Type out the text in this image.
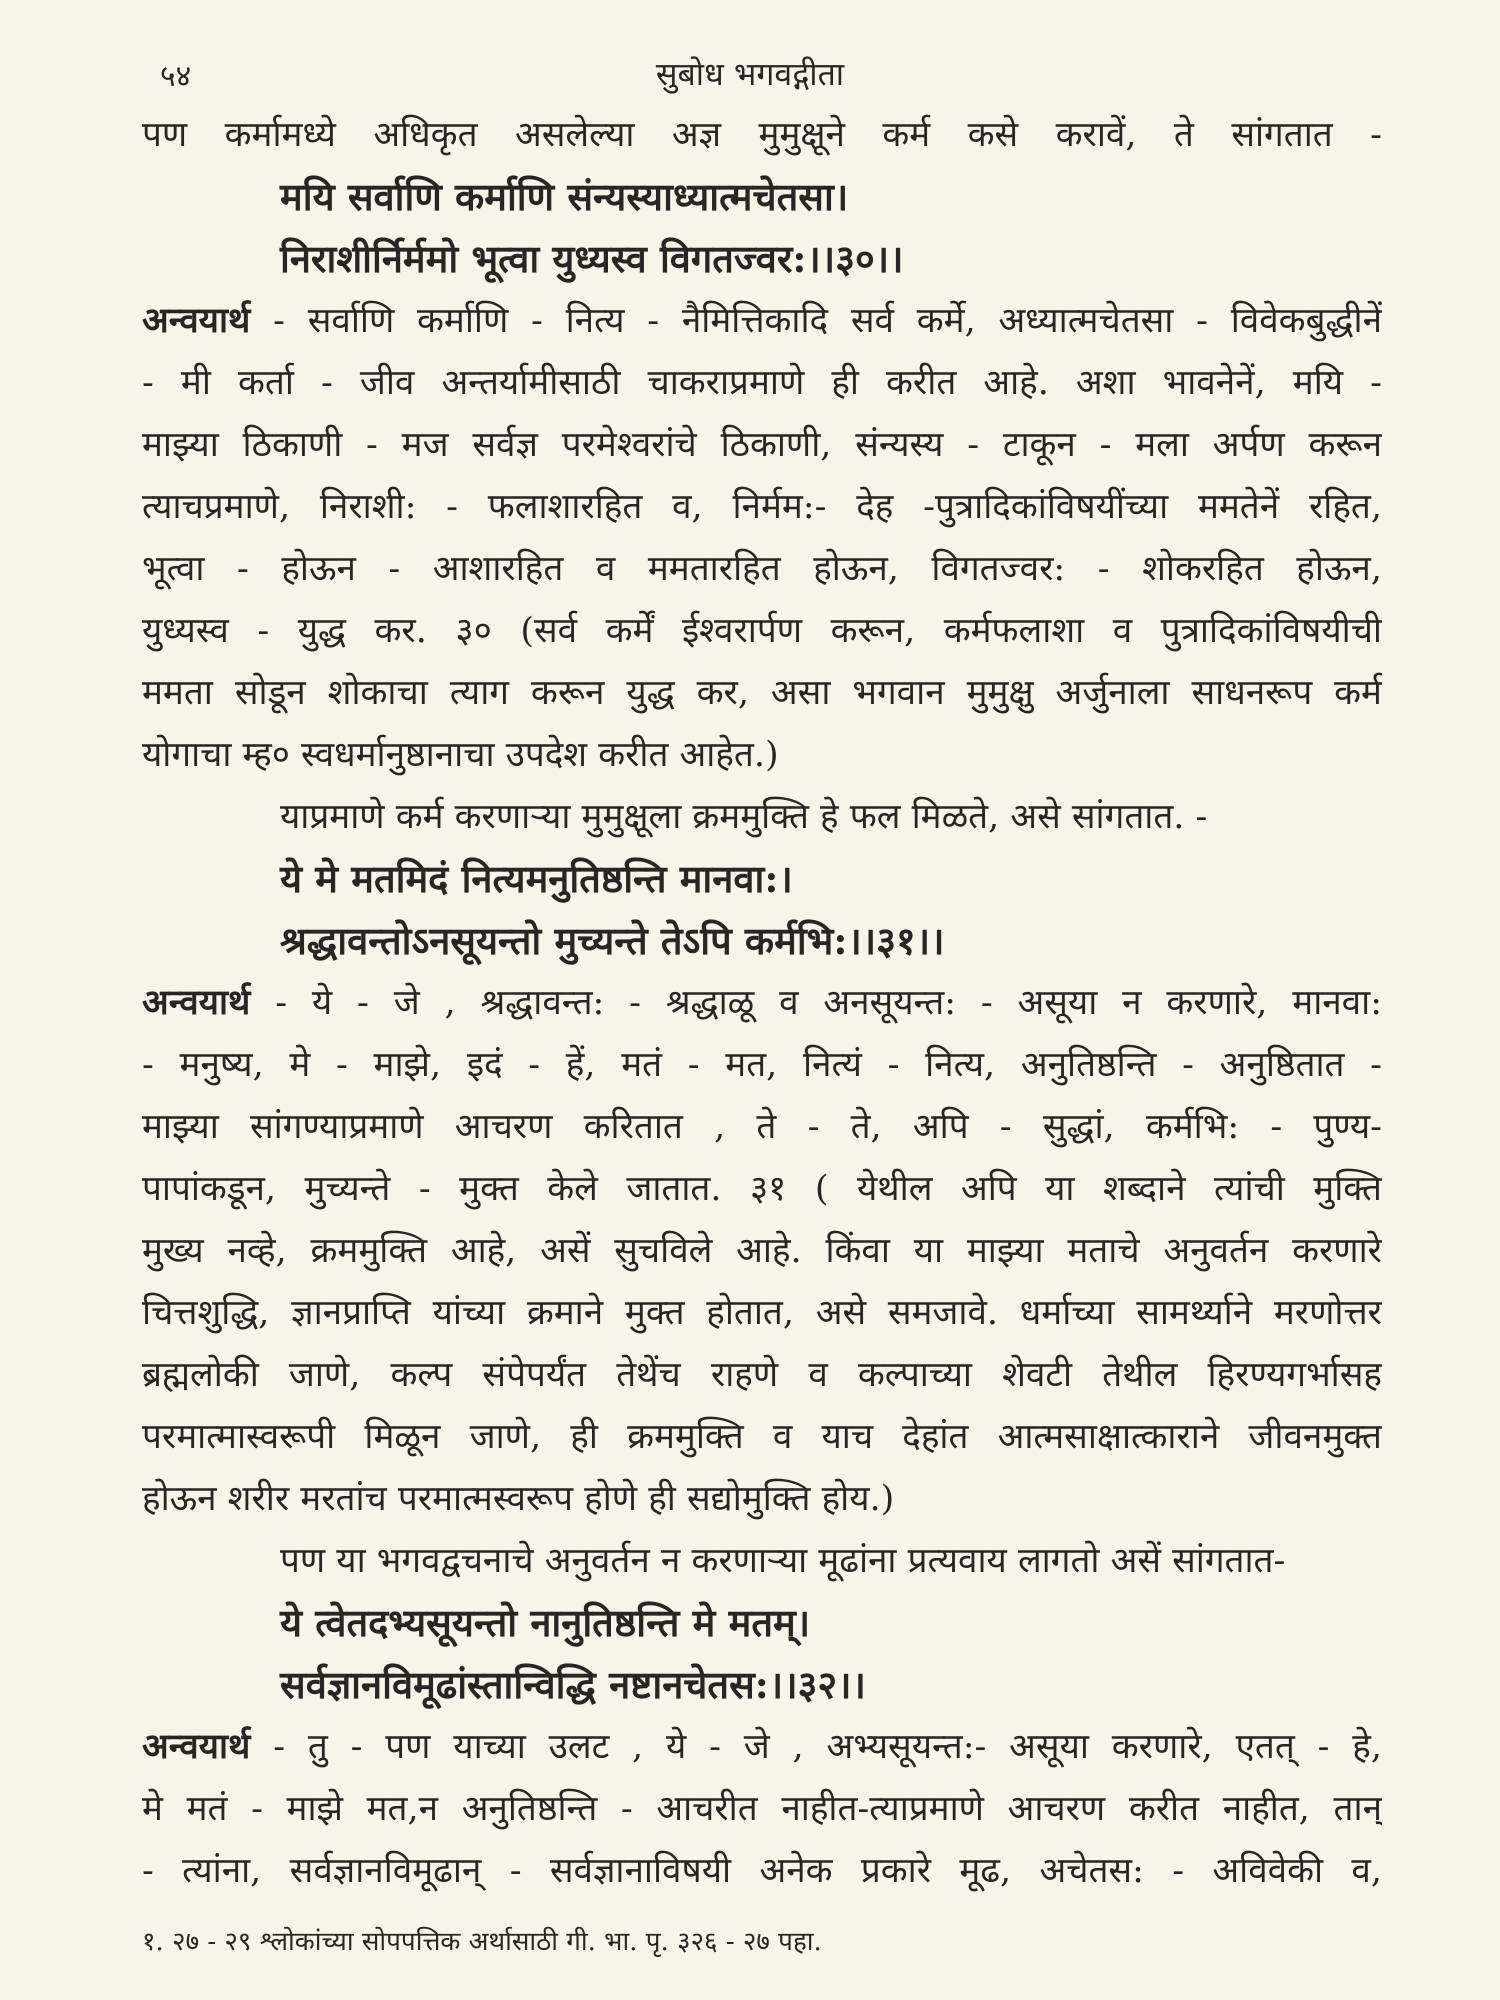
५४	सुबोध भगवद्गीता
पण कर्मामध्ये अधिकृत असलेल्या अज्ञ मुमुक्षूने कर्म कसे करावें, ते सांगतात -
मयि सर्वाणि कर्माणि संन्यस्याध्यात्मचेतसा।
निराशीर्निर्ममो भूत्वा युध्यस्व विगतज्वर:।।३०।।
अन्वयार्थ - सर्वाणि कर्माणि - नित्य - नैमित्तिकादि सर्व कर्मे, अध्यात्मचेतसा - विवेकबुद्धीनें
- मी कर्ता - जीव अन्तर्यामीसाठी चाकराप्रमाणे ही करीत आहे. अशा भावनेनें, मयि -
माझ्या ठिकाणी - मज सर्वज्ञ परमेश्वरांचे ठिकाणी, संन्यस्य - टाकून - मला अर्पण करून
त्याचप्रमाणे, निराशी: - फलाशारहित व, निर्मम:- देह -पुत्रादिकांविषयींच्या ममतेनें रहित,
भूत्वा - होऊन - आशारहित व ममतारहित होऊन, विगतज्वर: - शोकरहित होऊन,
युध्यस्व - युद्ध कर. ३० (सर्व कर्में ईश्वरार्पण करून, कर्मफलाशा व पुत्रादिकांविषयीची
ममता सोडून शोकाचा त्याग करून युद्ध कर, असा भगवान मुमुक्षु अर्जुनाला साधनरूप कर्म
योगाचा म्ह० स्वधर्मानुष्ठानाचा उपदेश करीत आहेत.)
याप्रमाणे कर्म करणाऱ्या मुमुक्षूला क्रममुक्ति हे फल मिळते, असे सांगतात. -
ये मे मतमिदं नित्यमनुतिष्ठन्ति मानवा:।
श्रद्धावन्तोऽनसूयन्तो मुच्यन्ते तेऽपि कर्मभि:।।३१।।
अन्वयार्थ - ये - जे , श्रद्धावन्त: - श्रद्धाळू व अनसूयन्त: - असूया न करणारे, मानवा:
- मनुष्य, मे - माझे, इदं - हें, मतं - मत, नित्यं - नित्य, अनुतिष्ठन्ति - अनुष्ठितात -
माझ्या सांगण्याप्रमाणे आचरण करितात , ते - ते, अपि - सुद्धां, कर्मभि: - पुण्य-
पापांकडून, मुच्यन्ते - मुक्त केले जातात. ३१ ( येथील अपि या शब्दाने त्यांची मुक्ति
मुख्य नव्हे, क्रममुक्ति आहे, असें सुचविले आहे. किंवा या माझ्या मताचे अनुवर्तन करणारे
चित्तशुद्धि, ज्ञानप्राप्ति यांच्या क्रमाने मुक्त होतात, असे समजावे. धर्माच्या सामर्थ्याने मरणोत्तर
ब्रह्मलोकी जाणे, कल्प संपेपर्यंत तेथेंच राहणे व कल्पाच्या शेवटी तेथील हिरण्यगर्भासह
परमात्मास्वरूपी मिळून जाणे, ही क्रममुक्ति व याच देहांत आत्मसाक्षात्काराने जीवनमुक्त
होऊन शरीर मरतांच परमात्मस्वरूप होणे ही सद्योमुक्ति होय.)
पण या भगवद्वचनाचे अनुवर्तन न करणाऱ्या मूढांना प्रत्यवाय लागतो असें सांगतात-
ये त्वेतदभ्यसूयन्तो नानुतिष्ठन्ति मे मतम्।
सर्वज्ञानविमूढांस्तान्विद्धि नष्टानचेतस:।।३२।।
अन्वयार्थ - तु - पण याच्या उलट , ये - जे , अभ्यसूयन्त:- असूया करणारे, एतत् - हे,
मे मतं - माझे मत,न अनुतिष्ठन्ति - आचरीत नाहीत-त्याप्रमाणे आचरण करीत नाहीत, तान्
- त्यांना, सर्वज्ञानविमूढान् - सर्वज्ञानाविषयी अनेक प्रकारे मूढ, अचेतस: - अविवेकी व,
१. २७ - २९ श्लोकांच्या सोपपत्तिक अर्थासाठी गी. भा. पृ. ३२६ - २७ पहा.
